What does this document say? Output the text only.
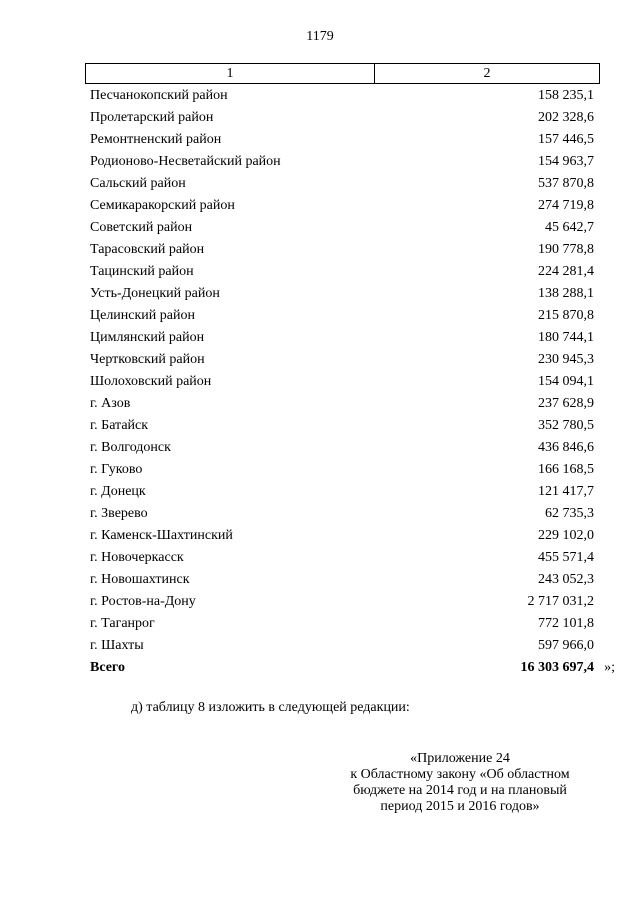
1179
1	2
Песчанокопский район	158 235,1
Пролетарский район	202 328,6
Ремонтненский район	157 446,5
Родионово-Несветайский район	154 963,7
Сальский район	537 870,8
Семикаракорский район	274 719,8
Советский район	45 642,7
Тарасовский район	190 778,8
Тацинский район	224 281,4
Усть-Донецкий район	138 288,1
Целинский район	215 870,8
Цимлянский район	180 744,1
Чертковский район	230 945,3
Шолоховский район	154 094,1
г. Азов	237 628,9
г. Батайск	352 780,5
г. Волгодонск	436 846,6
г. Гуково	166 168,5
г. Донецк	121 417,7
г. Зверево	62 735,3
г. Каменск-Шахтинский	229 102,0
г. Новочеркасск	455 571,4
г. Новошахтинск	243 052,3
г. Ростов-на-Дону	2 717 031,2
г. Таганрог	772 101,8
г. Шахты	597 966,0
Всего	16 303 697,4 »;
д) таблицу 8 изложить в следующей редакции:
«Приложение 24
к Областному закону «Об областном
бюджете на 2014 год и на плановый
период 2015 и 2016 годов»
